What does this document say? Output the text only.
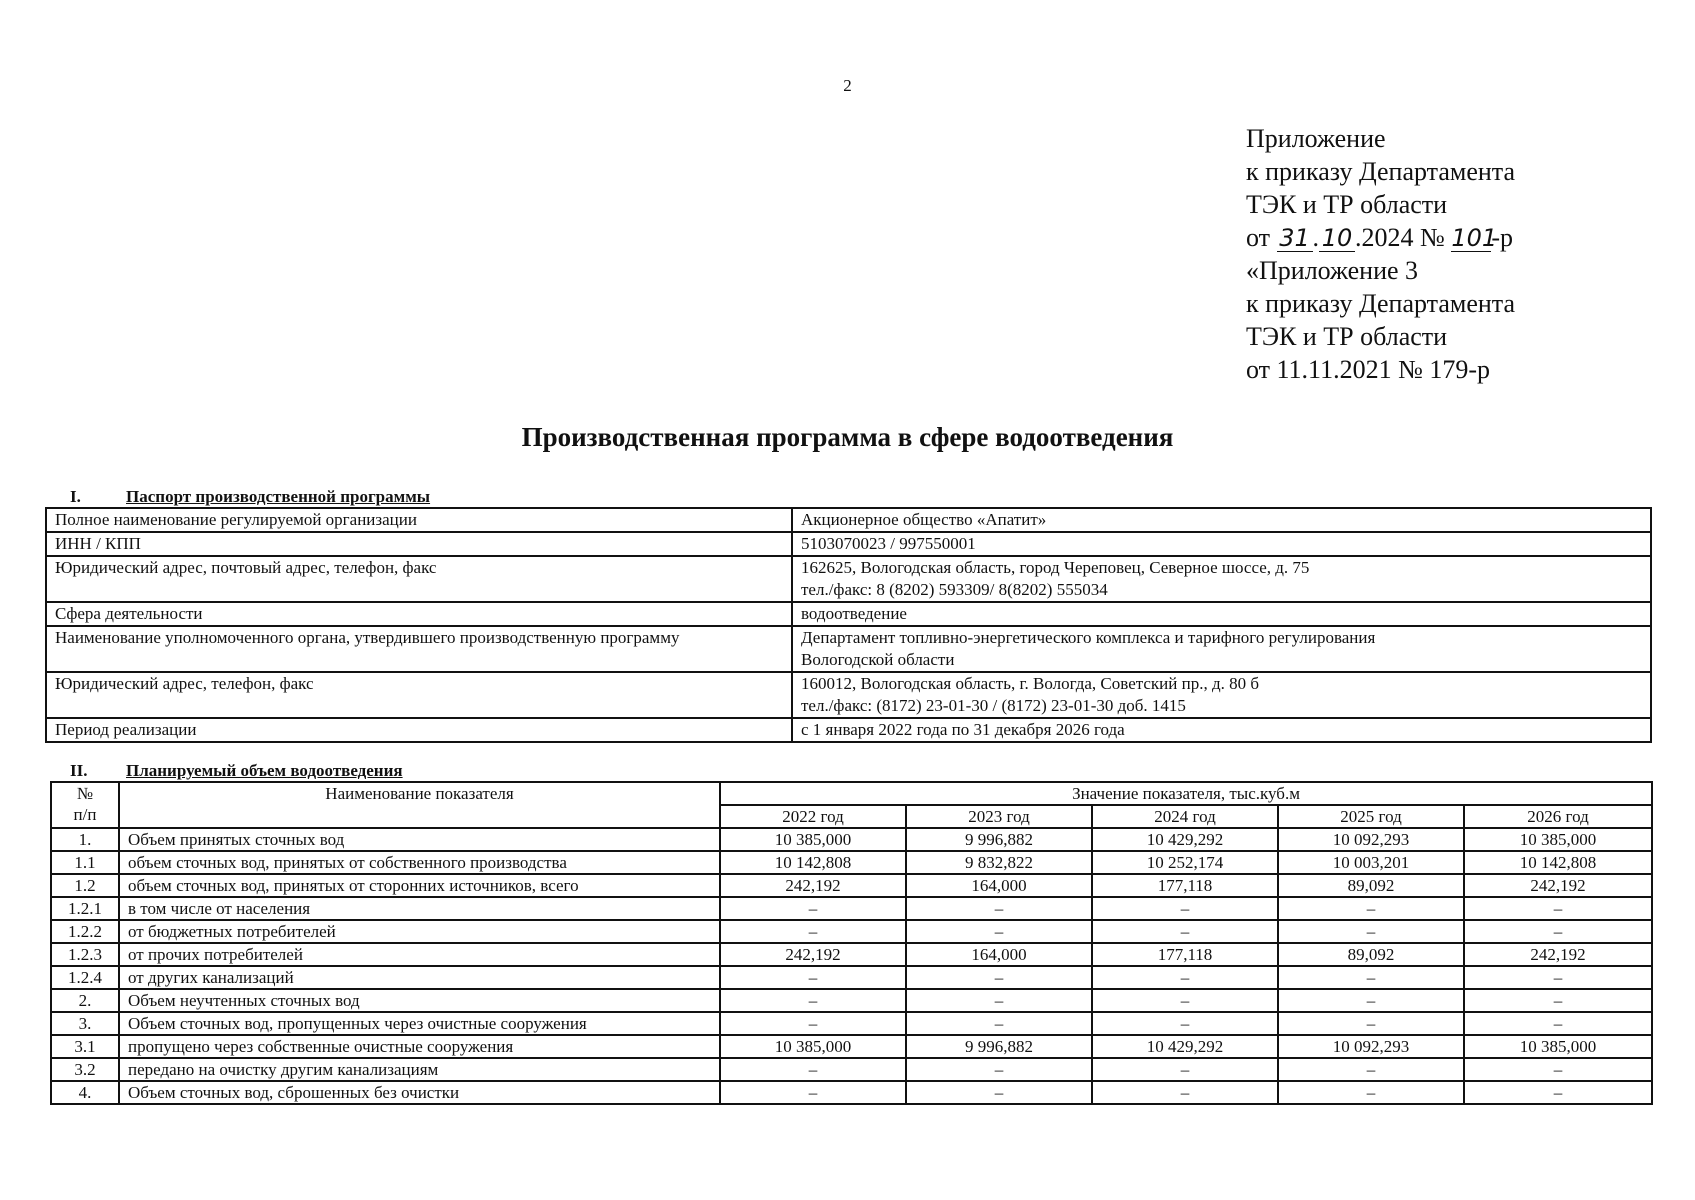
2
Приложение
к приказу Департамента
ТЭК и ТР области
от 31 . 10 .2024 № 101-р
«Приложение 3
к приказу Департамента
ТЭК и ТР области
от 11.11.2021 № 179-р
Производственная программа в сфере водоотведения
I.	Паспорт производственной программы
Полное наименование регулируемой организации	Акционерное общество «Апатит»

ИНН / КПП	5103070023 / 997550001

Юридический адрес, почтовый адрес, телефон, факс	162625, Вологодская область, город Череповец, Северное шоссе, д. 75
тел./факс: 8 (8202) 593309/ 8(8202) 555034

Сфера деятельности	водоотведение

Наименование уполномоченного органа, утвердившего производственную программу	Департамент топливно-энергетического комплекса и тарифного регулирования
Вологодской области

Юридический адрес, телефон, факс	160012, Вологодская область, г. Вологда, Советский пр., д. 80 б
тел./факс: (8172) 23-01-30 / (8172) 23-01-30 доб. 1415

Период реализации	с 1 января 2022 года по 31 декабря 2026 года
II. Планируемый объем водоотведения
№
п/п	Наименование показателя	Значение показателя, тыс.куб.м				
		2022 год	2023 год	2024 год	2025 год	2026 год
1.	Объем принятых сточных вод	10 385,000	9 996,882	10 429,292	10 092,293	10 385,000
1.1	объем сточных вод, принятых от собственного производства	10 142,808	9 832,822	10 252,174	10 003,201	10 142,808
1.2	объем сточных вод, принятых от сторонних источников, всего	242,192	164,000	177,118	89,092	242,192
1.2.1	в том числе от населения	–	–	–	–	–
1.2.2	от бюджетных потребителей	–	–	–	–	–
1.2.3	от прочих потребителей	242,192	164,000	177,118	89,092	242,192
1.2.4	от других канализаций	–	–	–	–	–
2.	Объем неучтенных сточных вод	–	–	–	–	–
3.	Объем сточных вод, пропущенных через очистные сооружения	–	–	–	–	–
3.1	пропущено через собственные очистные сооружения	10 385,000	9 996,882	10 429,292	10 092,293	10 385,000
3.2	передано на очистку другим канализациям	–	–	–	–	–
4.	Объем сточных вод, сброшенных без очистки	–	–	–	–	–
